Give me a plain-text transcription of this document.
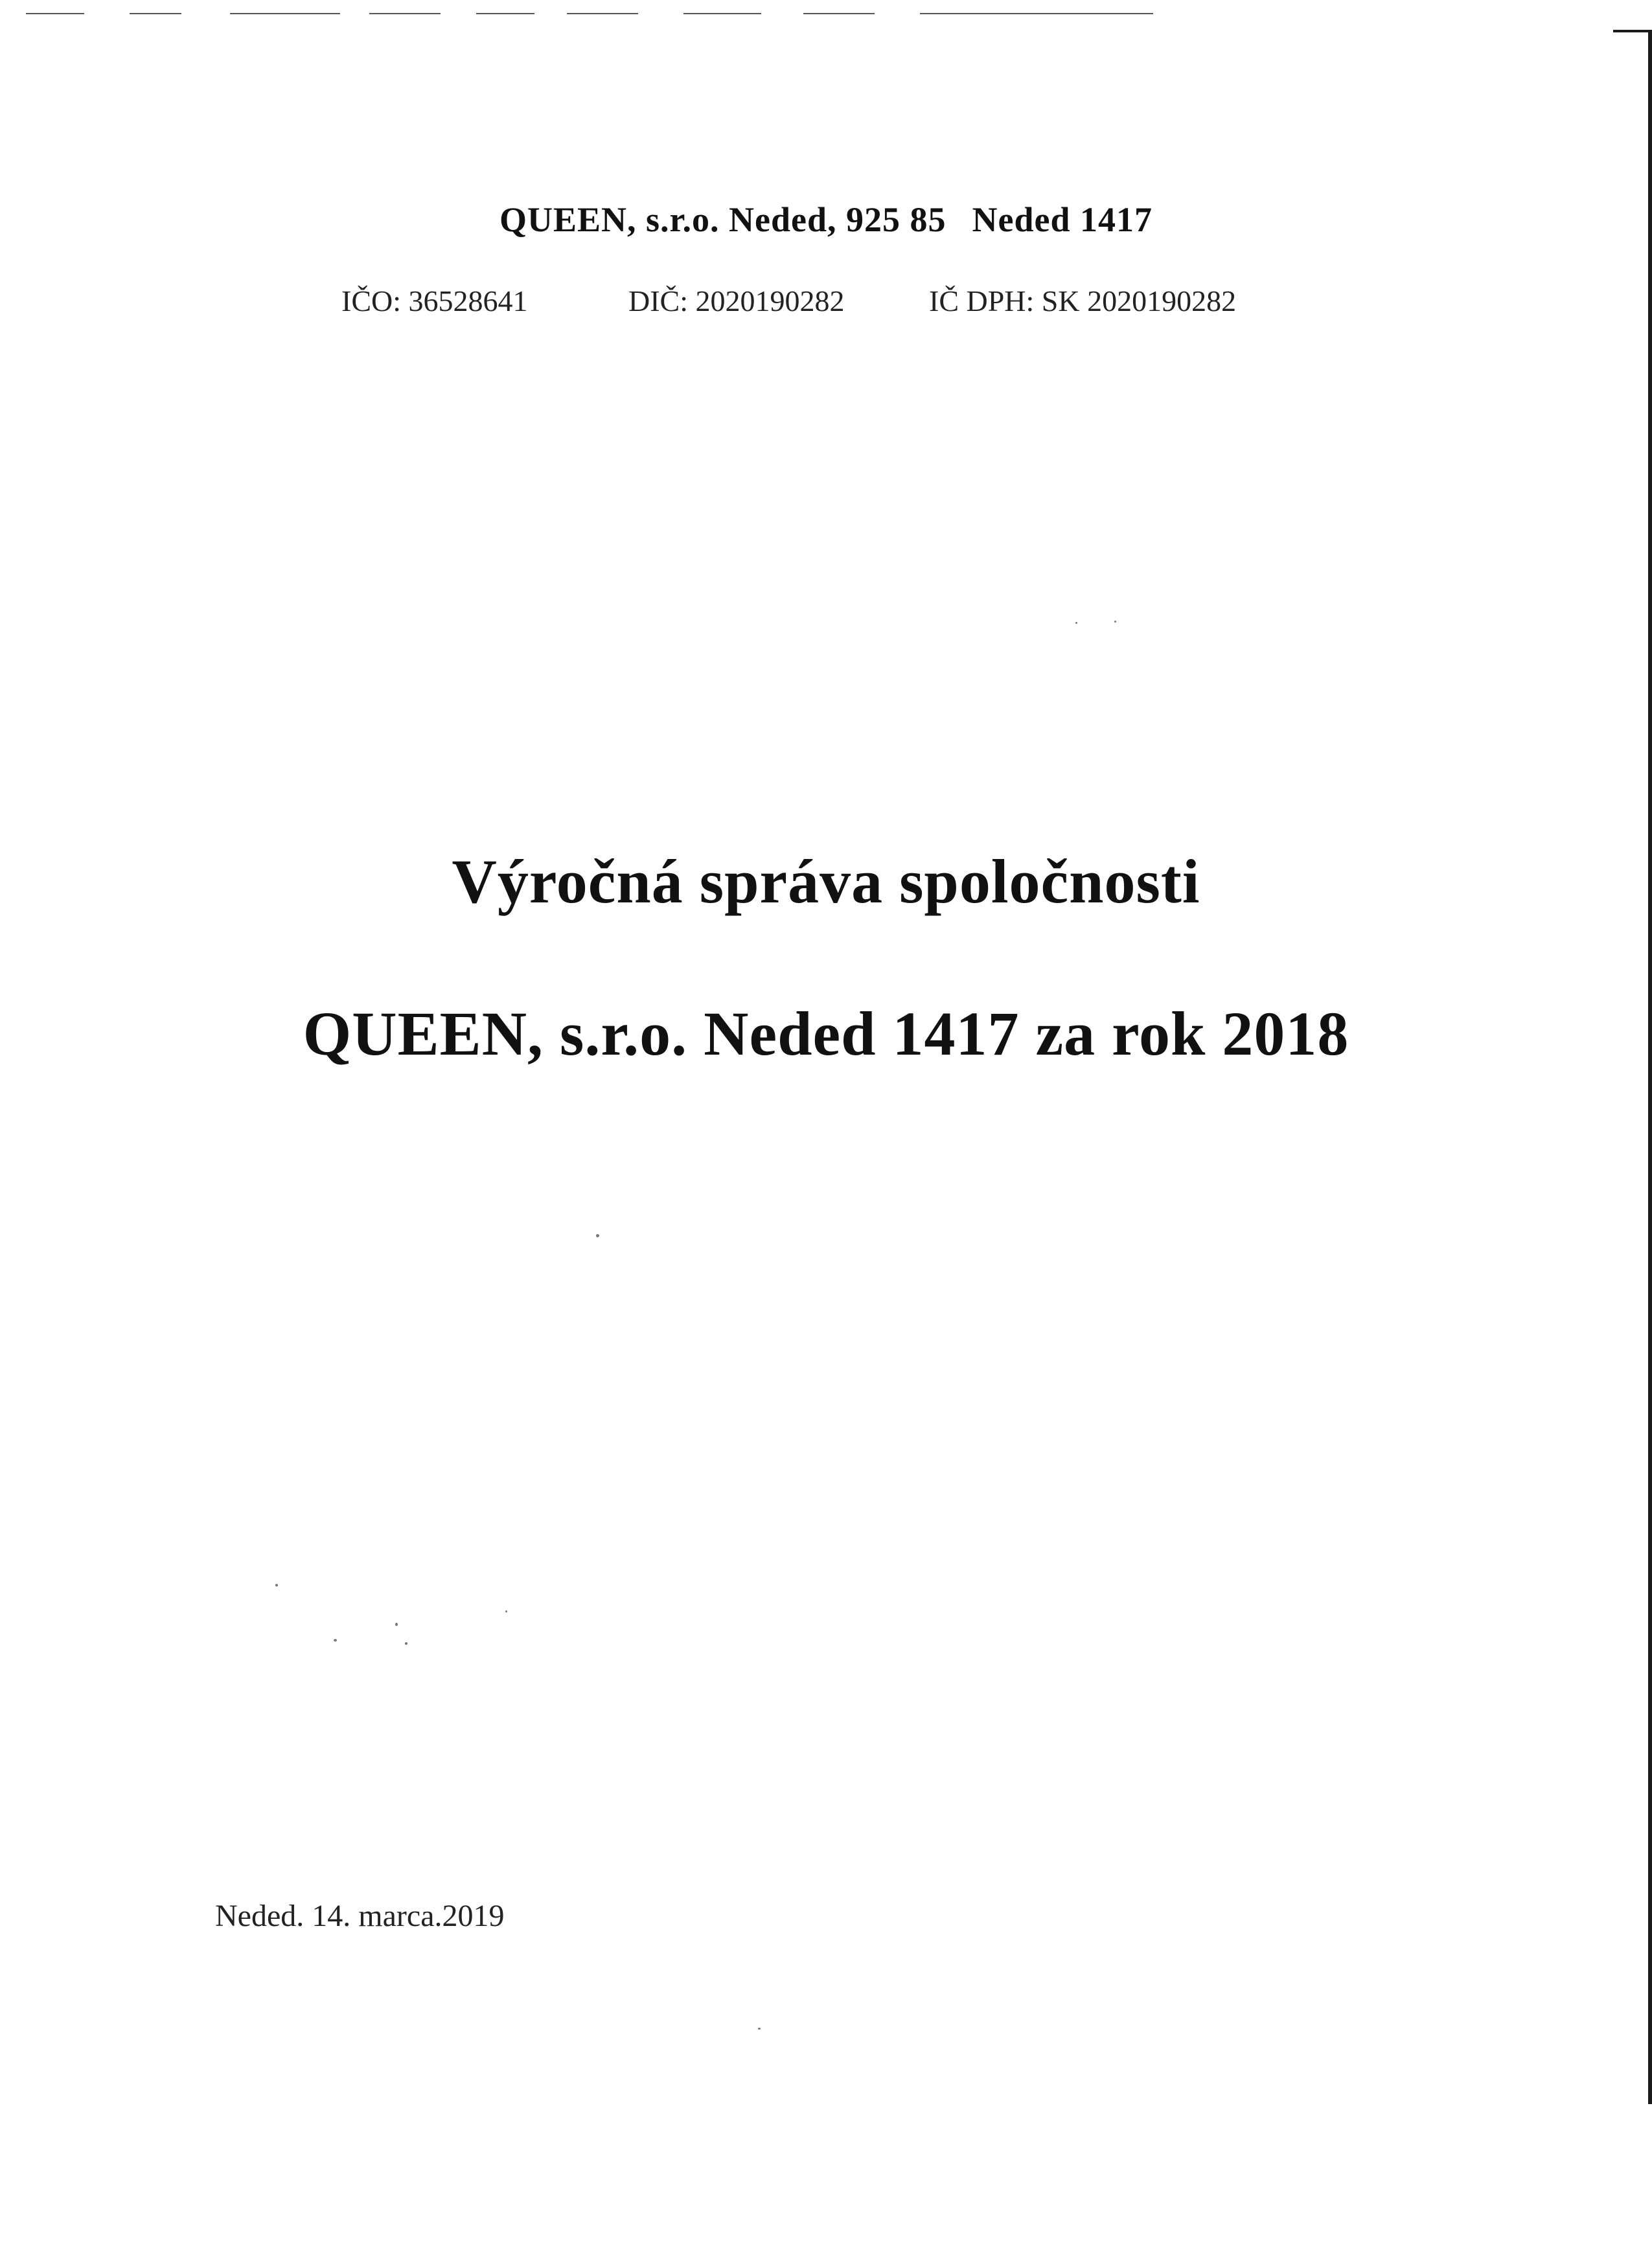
QUEEN, s.r.o. Neded, 925 85 Neded 1417
IČO: 36528641	DIČ: 2020190282	IČ DPH: SK 2020190282
Výročná správa spoločnosti
QUEEN, s.r.o. Neded 1417 za rok 2018
Neded. 14. marca.2019
